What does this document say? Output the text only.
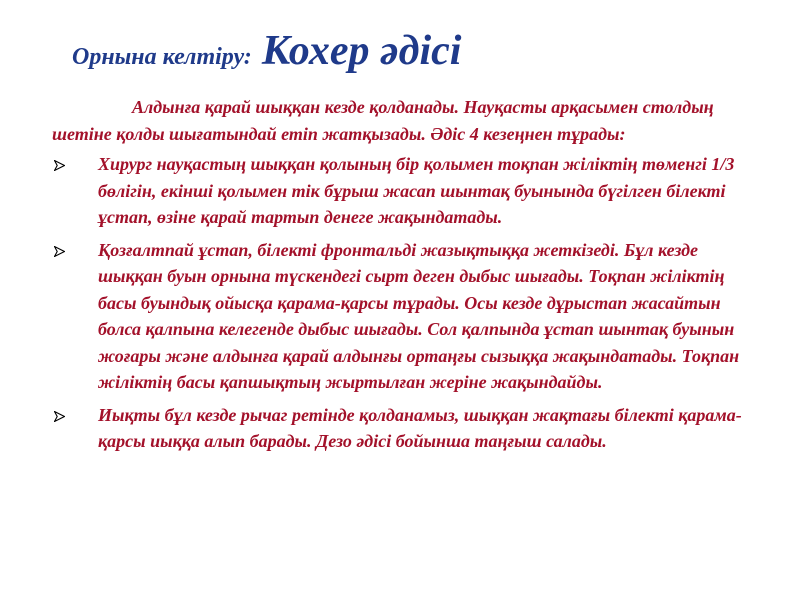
Орнына келтіру: Кохер әдісі

Алдынға қарай шыққан кезде қолданады. Науқасты арқасымен столдың шетіне қолды шығатындай етіп жатқызады. Әдіс 4 кезеңнен тұрады:

Хирург науқастың шыққан қолының бір қолымен тоқпан жіліктің төменгі 1/3 бөлігін, екінші қолымен тік бұрыш жасап шынтақ буынында бүгілген білекті ұстап, өзіне қарай тартып денеге жақындатады.
Қозғалтпай ұстап, білекті фронтальді жазықтыққа жеткізеді. Бұл кезде шыққан буын орнына түскендегі сырт деген дыбыс шығады. Тоқпан жіліктің басы буындық ойысқа қарама-қарсы тұрады. Осы кезде дұрыстап жасайтын болса қалпына келегенде дыбыс шығады. Сол қалпында ұстап шынтақ буынын жоғары және алдынға қарай алдынғы ортаңғы сызыққа жақындатады. Тоқпан жіліктің басы қапшықтың жыртылған жеріне жақындайды.
Иықты бұл кезде рычаг ретінде қолданамыз, шыққан жақтағы білекті қарама-қарсы иыққа алып барады. Дезо әдісі бойынша таңғыш салады.
